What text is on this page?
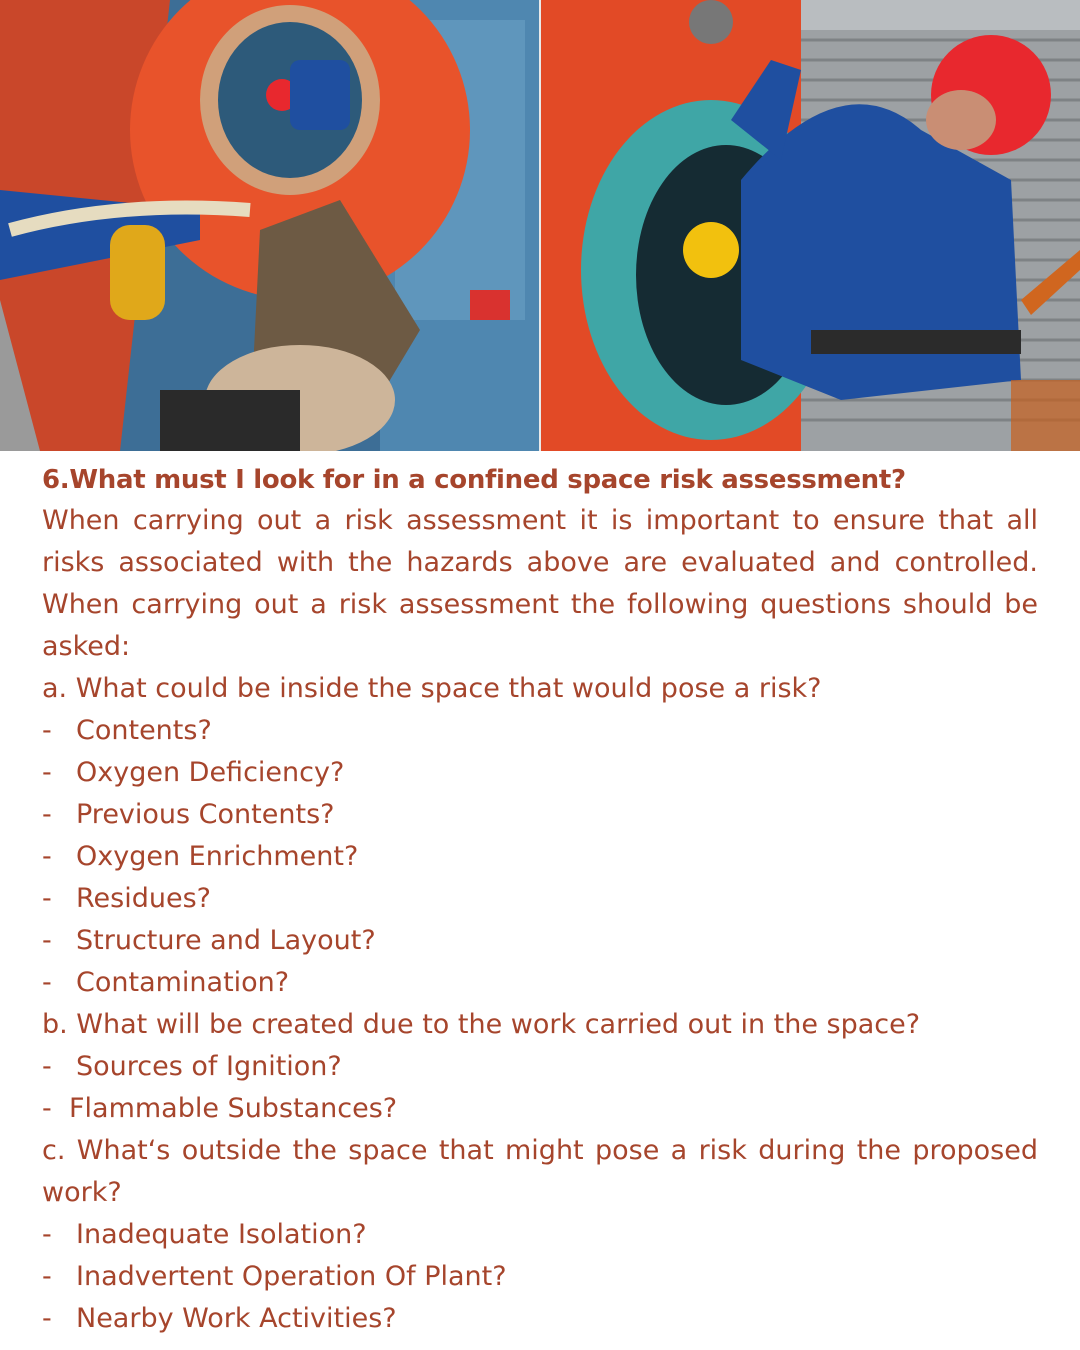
6.What must I look for in a confined space risk assessment?

When carrying out a risk assessment it is important to ensure that all risks associated with the hazards above are evaluated and controlled. When carrying out a risk assessment the following questions should be asked:

a. What could be inside the space that would pose a risk?

- Contents?
- Oxygen Deficiency?
- Previous Contents?
- Oxygen Enrichment?
- Residues?
- Structure and Layout?
- Contamination?

b. What will be created due to the work carried out in the space?

- Sources of Ignition?
- Flammable Substances?

c. What‘s outside the space that might pose a risk during the proposed work?

- Inadequate Isolation?
- Inadvertent Operation Of Plant?
- Nearby Work Activities?
